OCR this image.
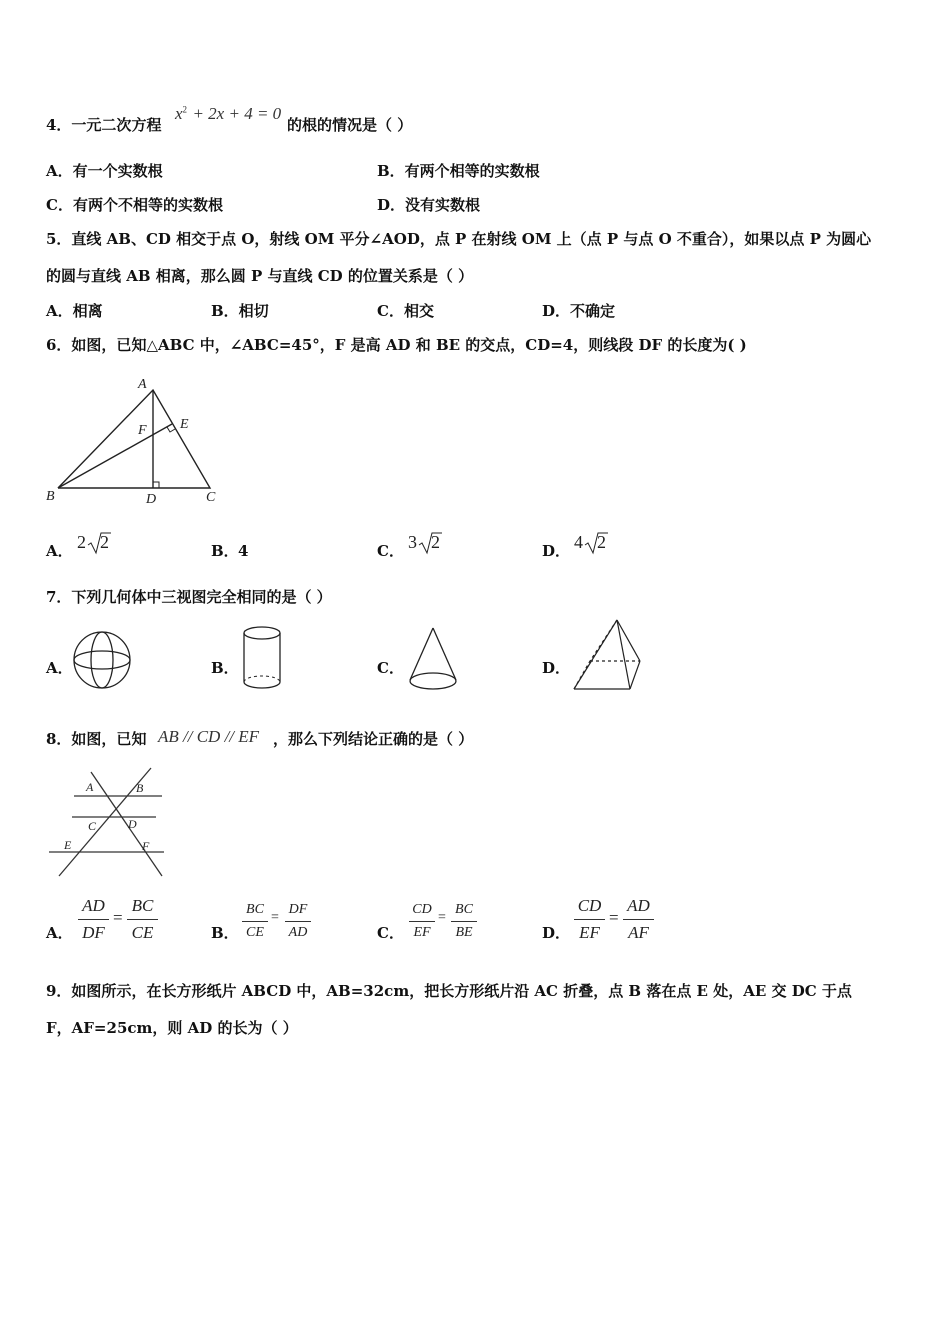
4．一元二次方程
$x^2 + 2x + 4 = 0$
的根的情况是（ ）
A．有一个实数根	B．有两个相等的实数根
C．有两个不相等的实数根	D．没有实数根
5．直线 AB、CD 相交于点 O，射线 OM 平分∠AOD，点 P 在射线 OM 上（点 P 与点 O 不重合），如果以点 P 为圆心
的圆与直线 AB 相离，那么圆 P 与直线 CD 的位置关系是（ ）
A．相离	B．相切	C．相交	D．不确定
6．如图，已知△ABC 中，∠ABC=45°，F 是高 AD 和 BE 的交点，CD=4，则线段 DF 的长度为( )
A
B	C
D
E
F
A． 2 2	B． 4	C． 3 2	D． 4 2
7．下列几何体中三视图完全相同的是（ ）
A．	B．	C．	D．
8．如图，已知 AB // CD // EF ，那么下列结论正确的是（ ）
A	B
C	D
E	F
A．
AD
DF
=
BC
CE	B．
BC
CE
=
DF
AD	C．
CD
EF
=
BC
BE	D．
CD
EF
=
AD
AF
9．如图所示，在长方形纸片 ABCD 中，AB=32cm，把长方形纸片沿 AC 折叠，点 B 落在点 E 处，AE 交 DC 于点
F，AF=25cm，则 AD 的长为（ ）
